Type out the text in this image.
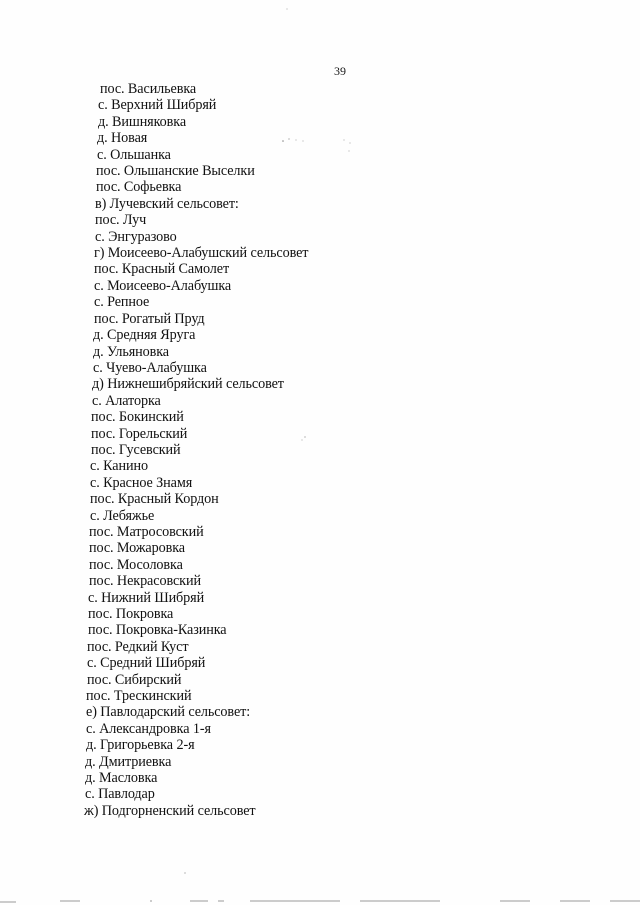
39
пос. Васильевка
с. Верхний Шибряй
д. Вишняковка
д. Новая
с. Ольшанка
пос. Ольшанские Выселки
пос. Софьевка
в) Лучевский сельсовет:
пос. Луч
с. Энгуразово
г) Моисеево-Алабушский сельсовет
пос. Красный Самолет
с. Моисеево-Алабушка
с. Репное
пос. Рогатый Пруд
д. Средняя Яруга
д. Ульяновка
с. Чуево-Алабушка
д) Нижнешибряйский сельсовет
с. Алаторка
пос. Бокинский
пос. Горельский
пос. Гусевский
с. Канино
с. Красное Знамя
пос. Красный Кордон
с. Лебяжье
пос. Матросовский
пос. Можаровка
пос. Мосоловка
пос. Некрасовский
с. Нижний Шибряй
пос. Покровка
пос. Покровка-Казинка
пос. Редкий Куст
с. Средний Шибряй
пос. Сибирский
пос. Трескинский
е) Павлодарский сельсовет:
с. Александровка 1-я
д. Григорьевка 2-я
д. Дмитриевка
д. Масловка
с. Павлодар
ж) Подгорненский сельсовет
